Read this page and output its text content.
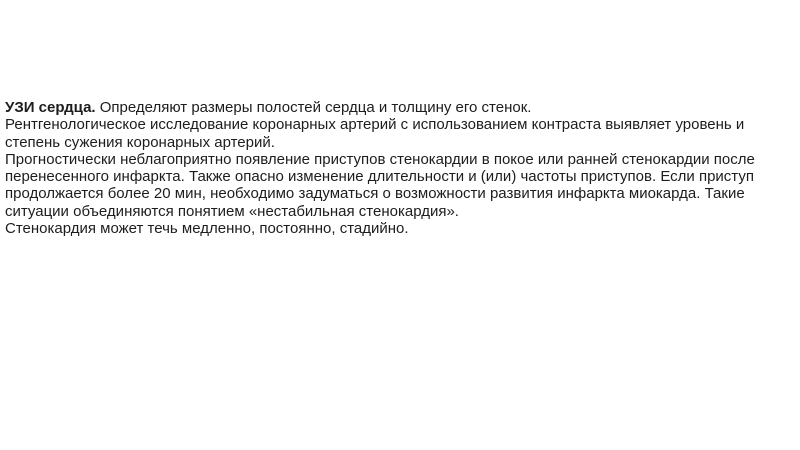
УЗИ сердца. Определяют размеры полостей сердца и толщину его стенок.
Рентгенологическое исследование коронарных артерий с использованием контраста выявляет уровень и
степень сужения коронарных артерий.
Прогностически неблагоприятно появление приступов стенокардии в покое или ранней стенокардии после
перенесенного инфаркта. Также опасно изменение длительности и (или) частоты приступов. Если приступ
продолжается более 20 мин, необходимо задуматься о возможности развития инфаркта миокарда. Такие
ситуации объединяются понятием «нестабильная стенокардия».
Стенокардия может течь медленно, постоянно, стадийно.
